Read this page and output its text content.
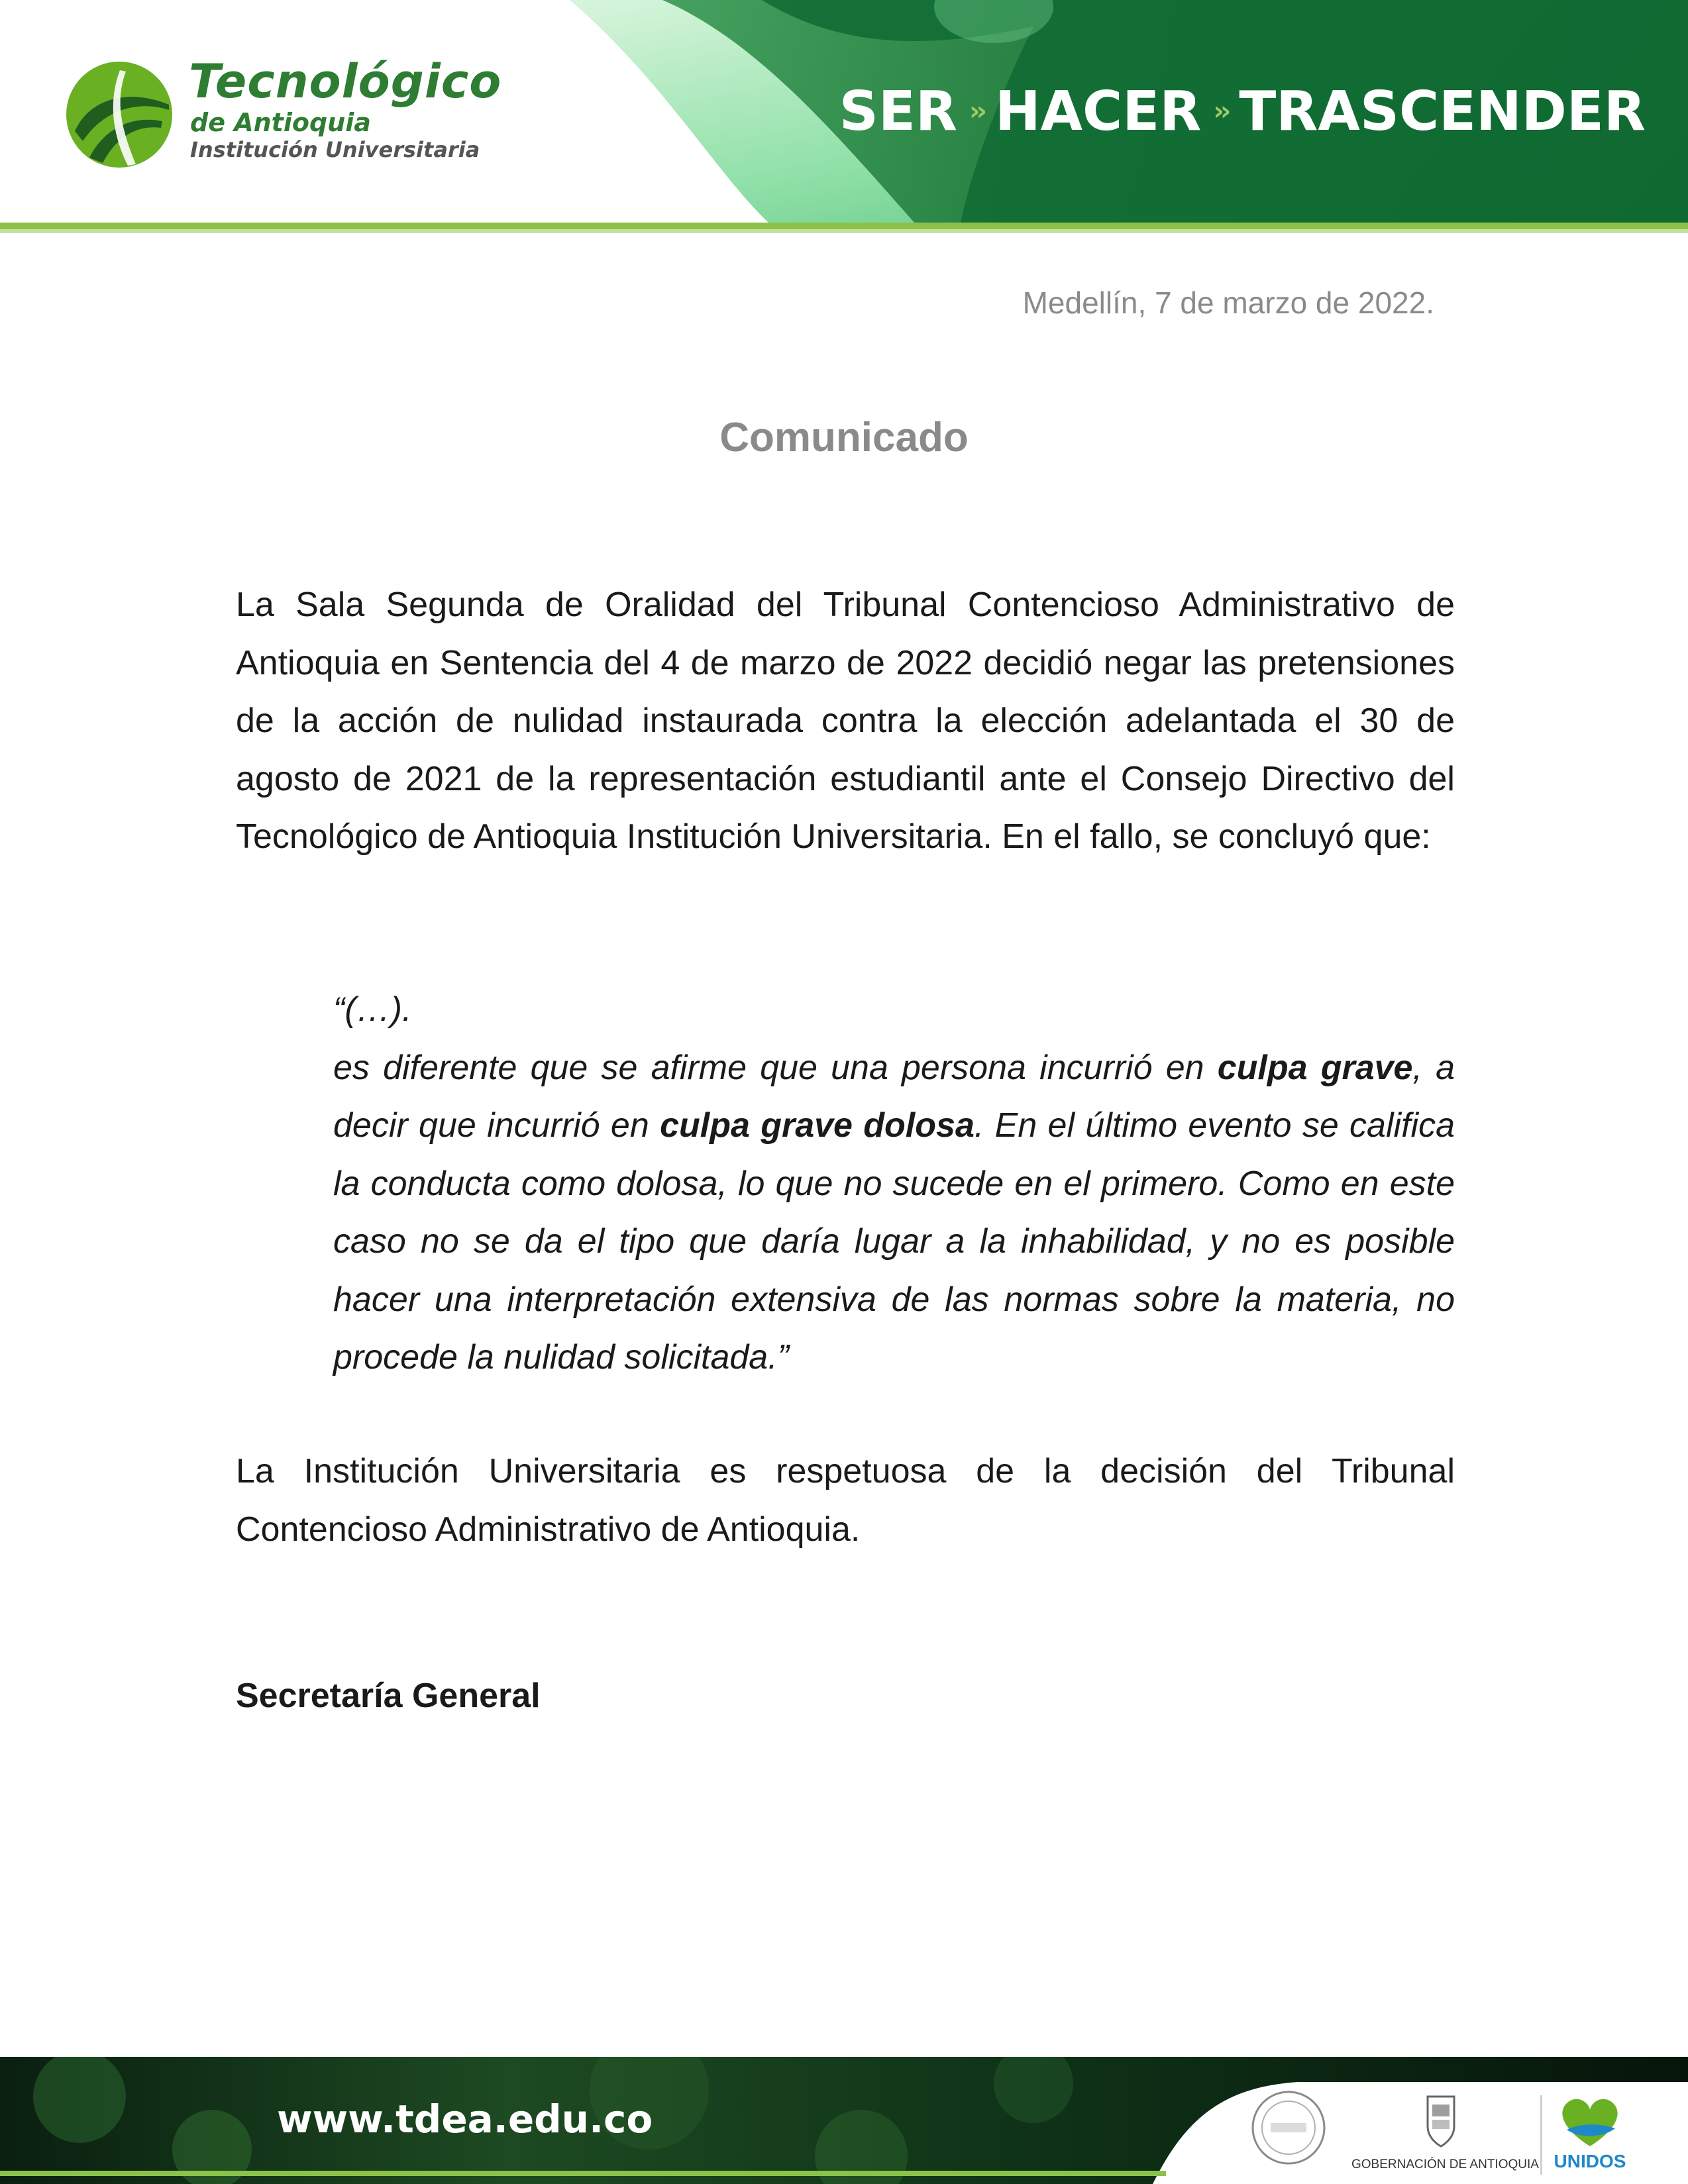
Tecnológico
de Antioquia
Institución Universitaria
SER ›› HACER ›› TRASCENDER

Medellín, 7 de marzo de 2022.

Comunicado

La Sala Segunda de Oralidad del Tribunal Contencioso Administrativo de Antioquia en Sentencia del 4 de marzo de 2022 decidió negar las pretensiones de la acción de nulidad instaurada contra la elección adelantada el 30 de agosto de 2021 de la representación estudiantil ante el Consejo Directivo del Tecnológico de Antioquia Institución Universitaria. En el fallo, se concluyó que:

“(…).
es diferente que se afirme que una persona incurrió en culpa grave, a decir que incurrió en culpa grave dolosa. En el último evento se califica la conducta como dolosa, lo que no sucede en el primero. Como en este caso no se da el tipo que daría lugar a la inhabilidad, y no es posible hacer una interpretación extensiva de las normas sobre la materia, no procede la nulidad solicitada.”

La Institución Universitaria es respetuosa de la decisión del Tribunal Contencioso Administrativo de Antioquia.

Secretaría General

www.tdea.edu.co
GOBERNACIÓN DE ANTIOQUIA UNIDOS
